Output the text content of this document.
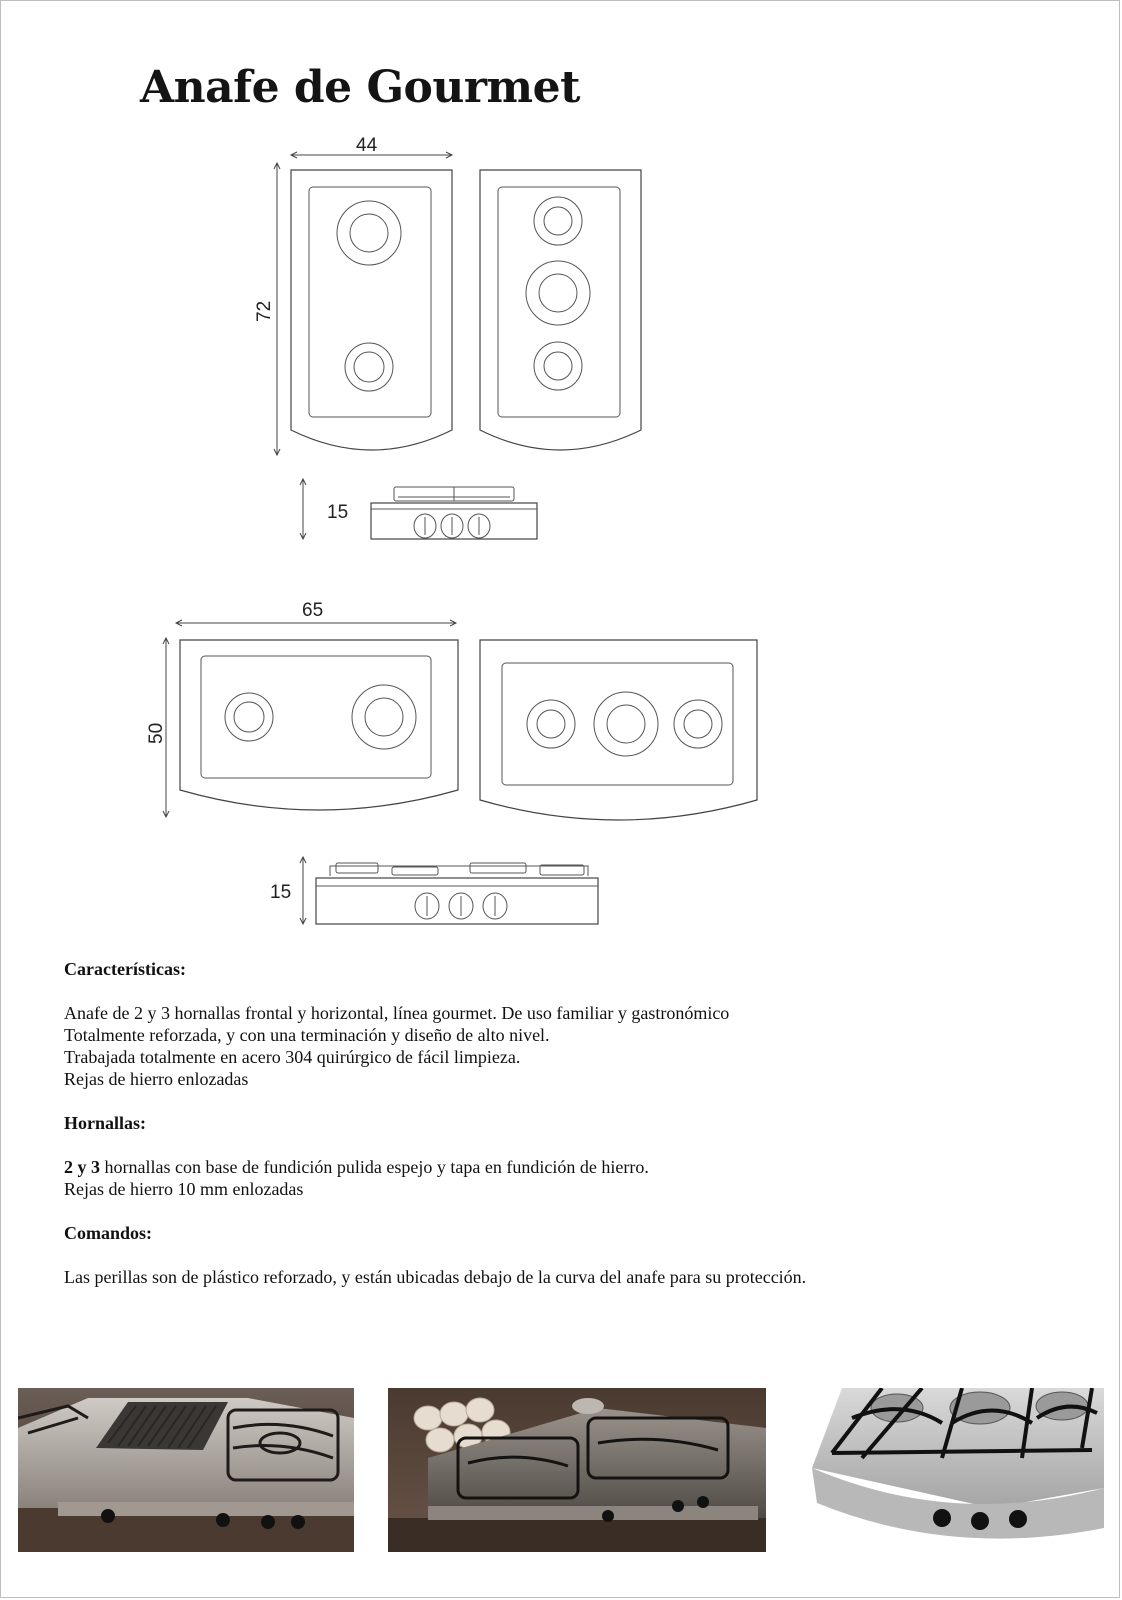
Anafe de Gourmet
44
72
15
65
50
15
Características:

Anafe de 2 y 3 hornallas frontal y horizontal, línea gourmet. De uso familiar y gastronómico
Totalmente reforzada, y con una terminación y diseño de alto nivel.
Trabajada totalmente en acero 304 quirúrgico de fácil limpieza.
Rejas de hierro enlozadas

Hornallas:

2 y 3 hornallas con base de fundición pulida espejo y tapa en fundición de hierro.
Rejas de hierro 10 mm enlozadas

Comandos:

Las perillas son de plástico reforzado, y están ubicadas debajo de la curva del anafe para su protección.
